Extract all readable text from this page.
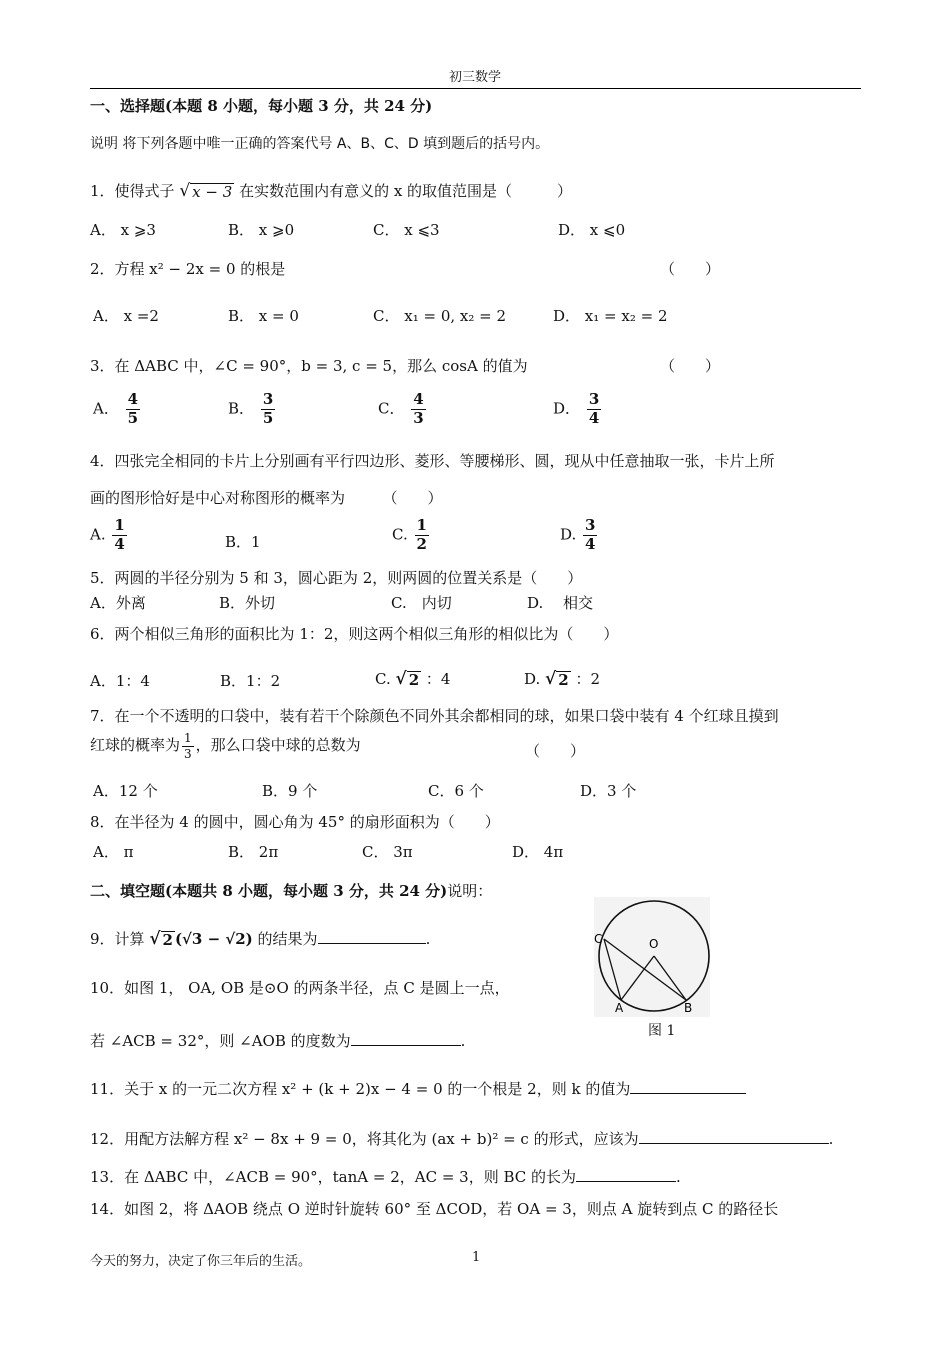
初三数学
一、选择题(本题 8 小题，每小题 3 分，共 24 分)
说明 将下列各题中唯一正确的答案代号 A、B、C、D 填到题后的括号内。
1．使得式子 √ x − 3 在实数范围内有意义的 x 的取值范围是（　　　）
A． x ⩾3	B． x ⩾0	C． x ⩽3	D． x ⩽0
2．方程 x² − 2x = 0 的根是	（　　）
A． x =2	B． x = 0	C． x₁ = 0, x₂ = 2	D． x₁ = x₂ = 2
3．在 ΔABC 中，∠C = 90°，b = 3, c = 5，那么 cosA 的值为	（　　）
A． $\frac{4}{5}$	B． $\frac{3}{5}$	C． $\frac{4}{3}$	D． $\frac{3}{4}$
4．四张完全相同的卡片上分别画有平行四边形、菱形、等腰梯形、圆，现从中任意抽取一张，卡片上所
画的图形恰好是中心对称图形的概率为　　　（　　）
A. $\frac{1}{4}$	B．1	C. $\frac{1}{2}$	D. $\frac{3}{4}$
5．两圆的半径分别为 5 和 3，圆心距为 2，则两圆的位置关系是（　　）
A．外离	B．外切	C.　内切	D.　 相交
6．两个相似三角形的面积比为 1：2，则这两个相似三角形的相似比为（　　）
A．1：4	B．1：2	C. √ 2 ：4	D. √ 2 ：2
7．在一个不透明的口袋中，装有若干个除颜色不同外其余都相同的球，如果口袋中装有 4 个红球且摸到
红球的概率为 $\frac{1}{3}$ ，那么口袋中球的总数为	（　　）
A．12 个	B．9 个	C．6 个	D．3 个
8．在半径为 4 的圆中，圆心角为 45° 的扇形面积为（　　）
A． π	B． 2π	C． 3π	D． 4π
二、填空题(本题共 8 小题，每小题 3 分，共 24 分)说明：
C	O
A	B
图 1
9．计算 √ 2 (√3 − √2) 的结果为	.
10．如图 1， OA, OB 是⊙O 的两条半径，点 C 是圆上一点，
若 ∠ACB = 32°，则 ∠AOB 的度数为	.
11．关于 x 的一元二次方程 x² + (k + 2)x − 4 = 0 的一个根是 2，则 k 的值为
12．用配方法解方程 x² − 8x + 9 = 0，将其化为 (ax + b)² = c 的形式，应该为	.
13．在 ΔABC 中，∠ACB = 90°，tanA = 2，AC = 3，则 BC 的长为	.
14．如图 2，将 ΔAOB 绕点 O 逆时针旋转 60° 至 ΔCOD，若 OA = 3，则点 A 旋转到点 C 的路径长
今天的努力，决定了你三年后的生活。	1
